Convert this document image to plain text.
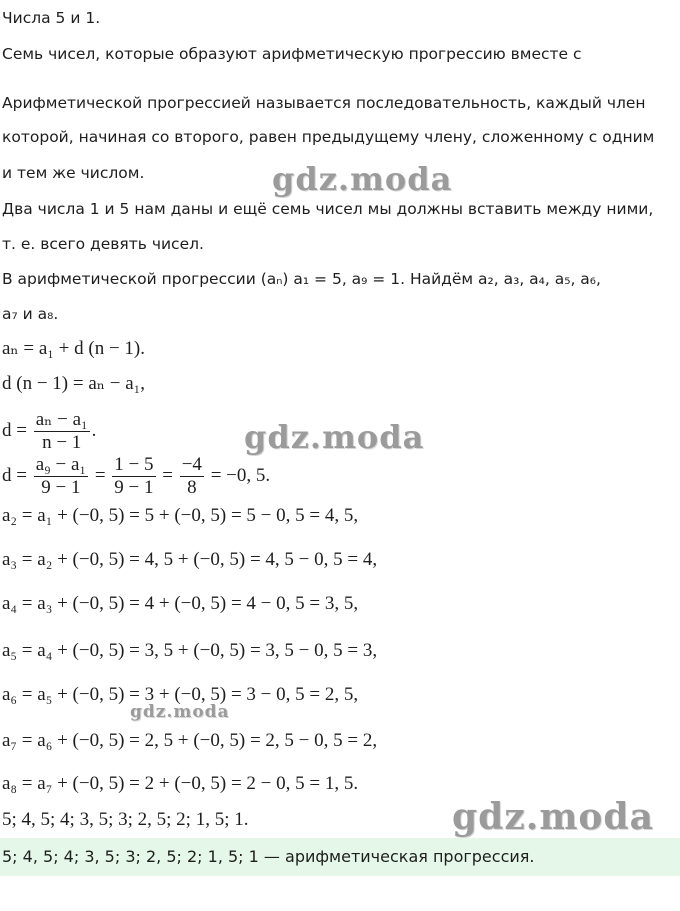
Числа 5 и 1.

Семь чисел, которые образуют арифметическую прогрессию вместе с

Арифметической прогрессией называется последовательность, каждый член

которой, начиная со второго, равен предыдущему члену, сложенному с одним

и тем же числом.

Два числа 1 и 5 нам даны и ещё семь чисел мы должны вставить между ними,

т. е. всего девять чисел.

В арифметической прогрессии (aₙ) a₁ = 5, a₉ = 1. Найдём a₂, a₃, a₄, a₅, a₆,

a₇ и a₈.

aₙ = a₁ + d (n − 1).

d (n − 1) = aₙ − a₁,

$d = \frac{\text{aₙ − a₁}}{n - 1}$ .
$d = \frac{\text{a₉ − a₁}}{9 - 1} = \frac{1 - 5}{9 - 1} = \frac{-4}{8} = -0$, 5.

a₂ = a₁ + (−0, 5) = 5 + (−0, 5) = 5 − 0, 5 = 4, 5,

a₃ = a₂ + (−0, 5) = 4, 5 + (−0, 5) = 4, 5 − 0, 5 = 4,

a₄ = a₃ + (−0, 5) = 4 + (−0, 5) = 4 − 0, 5 = 3, 5,

a₅ = a₄ + (−0, 5) = 3, 5 + (−0, 5) = 3, 5 − 0, 5 = 3,

a₆ = a₅ + (−0, 5) = 3 + (−0, 5) = 3 − 0, 5 = 2, 5,

a₇ = a₆ + (−0, 5) = 2, 5 + (−0, 5) = 2, 5 − 0, 5 = 2,

a₈ = a₇ + (−0, 5) = 2 + (−0, 5) = 2 − 0, 5 = 1, 5.

5; 4, 5; 4; 3, 5; 3; 2, 5; 2; 1, 5; 1.

5; 4, 5; 4; 3, 5; 3; 2, 5; 2; 1, 5; 1 — арифметическая прогрессия.

gdz.moda
gdz.moda
gdz.moda
gdz.moda
